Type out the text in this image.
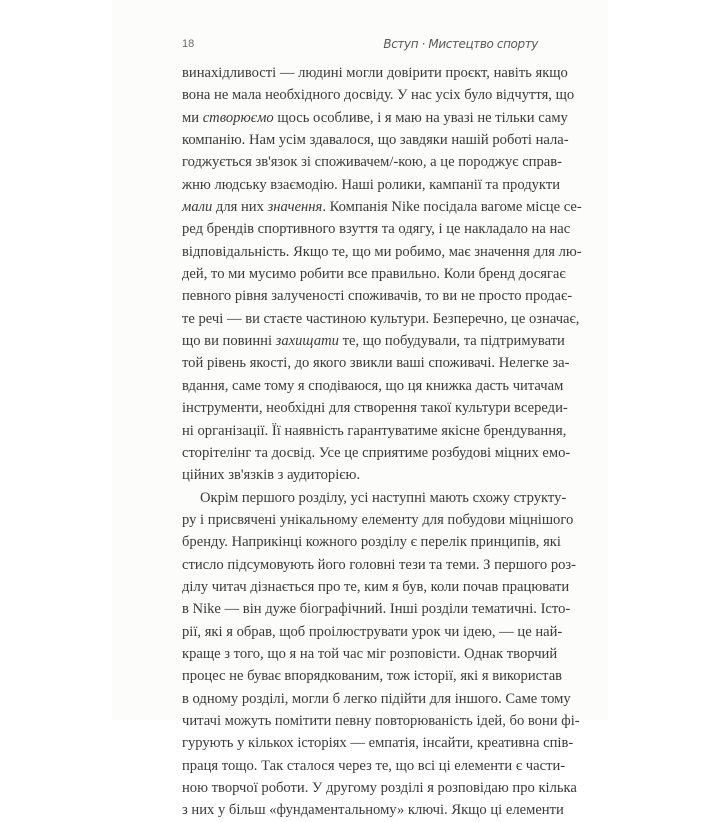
18	Вступ · Мистецтво спорту
винахідливості — людині могли довірити проєкт, навіть якщо
вона не мала необхідного досвіду. У нас усіх було відчуття, що
ми створюємо щось особливе, і я маю на увазі не тільки саму
компанію. Нам усім здавалося, що завдяки нашій роботі нала-
годжується зв'язок зі споживачем/-кою, а це породжує справ-
жню людську взаємодію. Наші ролики, кампанії та продукти
мали для них значення. Компанія Nike посідала вагоме місце се-
ред брендів спортивного взуття та одягу, і це накладало на нас
відповідальність. Якщо те, що ми робимо, має значення для лю-
дей, то ми мусимо робити все правильно. Коли бренд досягає
певного рівня залученості споживачів, то ви не просто продає-
те речі — ви стаєте частиною культури. Безперечно, це означає,
що ви повинні захищати те, що побудували, та підтримувати
той рівень якості, до якого звикли ваші споживачі. Нелегке за-
вдання, саме тому я сподіваюся, що ця книжка дасть читачам
інструменти, необхідні для створення такої культури всереди-
ні організації. Її наявність гарантуватиме якісне брендування,
сторітелінг та досвід. Усе це сприятиме розбудові міцних емо-
ційних зв'язків з аудиторією.
Окрім першого розділу, усі наступні мають схожу структу-
ру і присвячені унікальному елементу для побудови міцнішого
бренду. Наприкінці кожного розділу є перелік принципів, які
стисло підсумовують його головні тези та теми. З першого роз-
ділу читач дізнається про те, ким я був, коли почав працювати
в Nike — він дуже біографічний. Інші розділи тематичні. Істо-
рії, які я обрав, щоб проілюструвати урок чи ідею, — це най-
краще з того, що я на той час міг розповісти. Однак творчий
процес не буває впорядкованим, тож історії, які я використав
в одному розділі, могли б легко підійти для іншого. Саме тому
читачі можуть помітити певну повторюваність ідей, бо вони фі-
гурують у кількох історіях — емпатія, інсайти, креативна спів-
праця тощо. Так сталося через те, що всі ці елементи є части-
ною творчої роботи. У другому розділі я розповідаю про кілька
з них у більш «фундаментальному» ключі. Якщо ці елементи
